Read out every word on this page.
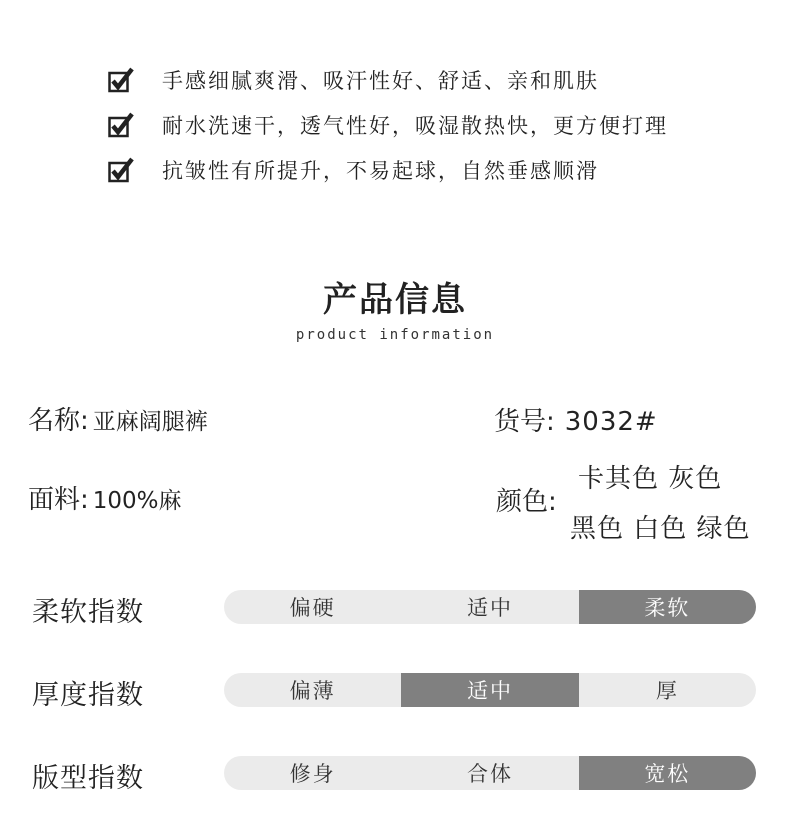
手感细腻爽滑、吸汗性好、舒适、亲和肌肤
耐水洗速干，透气性好，吸湿散热快，更方便打理
抗皱性有所提升，不易起球，自然垂感顺滑
产品信息
product information
名称: 亚麻阔腿裤	货号: 3032#
面料: 100%麻	颜色:
卡其色 灰色
黑色 白色 绿色
柔软指数	偏硬	适中	柔软
厚度指数	偏薄	适中	厚
版型指数	修身	合体	宽松
